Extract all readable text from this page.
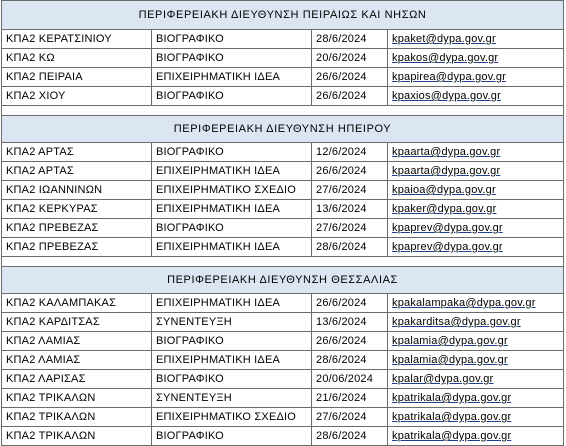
ΠΕΡΙΦΕΡΕΙΑΚΗ ΔΙΕΥΘΥΝΣΗ ΠΕΙΡΑΙΩΣ ΚΑΙ ΝΗΣΩΝ			
ΚΠΑ2 ΚΕΡΑΤΣΙΝΙΟΥ	ΒΙΟΓΡΑΦΙΚΟ	28/6/2024	kpaket@dypa.gov.gr
ΚΠΑ2 ΚΩ	ΒΙΟΓΡΑΦΙΚΟ	20/6/2024	kpakos@dypa.gov.gr
ΚΠΑ2 ΠΕΙΡΑΙΑ	ΕΠΙΧΕΙΡΗΜΑΤΙΚΗ ΙΔΕΑ	26/6/2024	kpapirea@dypa.gov.gr
ΚΠΑ2 ΧΙΟΥ	ΒΙΟΓΡΑΦΙΚΟ	26/6/2024	kpaxios@dypa.gov.gr

ΠΕΡΙΦΕΡΕΙΑΚΗ ΔΙΕΥΘΥΝΣΗ ΗΠΕΙΡΟΥ			
ΚΠΑ2 ΑΡΤΑΣ	ΒΙΟΓΡΑΦΙΚΟ	12/6/2024	kpaarta@dypa.gov.gr
ΚΠΑ2 ΑΡΤΑΣ	ΕΠΙΧΕΙΡΗΜΑΤΙΚΗ ΙΔΕΑ	26/6/2024	kpaarta@dypa.gov.gr
ΚΠΑ2 ΙΩΑΝΝΙΝΩΝ	ΕΠΙΧΕΙΡΗΜΑΤΙΚΟ ΣΧΕΔΙΟ	27/6/2024	kpaioa@dypa.gov.gr
ΚΠΑ2 ΚΕΡΚΥΡΑΣ	ΕΠΙΧΕΙΡΗΜΑΤΙΚΗ ΙΔΕΑ	13/6/2024	kpaker@dypa.gov.gr
ΚΠΑ2 ΠΡΕΒΕΖΑΣ	ΒΙΟΓΡΑΦΙΚΟ	27/6/2024	kpaprev@dypa.gov.gr
ΚΠΑ2 ΠΡΕΒΕΖΑΣ	ΕΠΙΧΕΙΡΗΜΑΤΙΚΗ ΙΔΕΑ	28/6/2024	kpaprev@dypa.gov.gr

ΠΕΡΙΦΕΡΕΙΑΚΗ ΔΙΕΥΘΥΝΣΗ ΘΕΣΣΑΛΙΑΣ			
ΚΠΑ2 ΚΑΛΑΜΠΑΚΑΣ	ΕΠΙΧΕΙΡΗΜΑΤΙΚΗ ΙΔΕΑ	26/6/2024	kpakalampaka@dypa.gov.gr
ΚΠΑ2 ΚΑΡΔΙΤΣΑΣ	ΣΥΝΕΝΤΕΥΞΗ	13/6/2024	kpakarditsa@dypa.gov.gr
ΚΠΑ2 ΛΑΜΙΑΣ	ΒΙΟΓΡΑΦΙΚΟ	26/6/2024	kpalamia@dypa.gov.gr
ΚΠΑ2 ΛΑΜΙΑΣ	ΕΠΙΧΕΙΡΗΜΑΤΙΚΗ ΙΔΕΑ	28/6/2024	kpalamia@dypa.gov.gr
ΚΠΑ2 ΛΑΡΙΣΑΣ	ΒΙΟΓΡΑΦΙΚΟ	20/06/2024	kpalar@dypa.gov.gr
ΚΠΑ2 ΤΡΙΚΑΛΩΝ	ΣΥΝΕΝΤΕΥΞΗ	21/6/2024	kpatrikala@dypa.gov.gr
ΚΠΑ2 ΤΡΙΚΑΛΩΝ	ΕΠΙΧΕΙΡΗΜΑΤΙΚΟ ΣΧΕΔΙΟ	27/6/2024	kpatrikala@dypa.gov.gr
ΚΠΑ2 ΤΡΙΚΑΛΩΝ	ΒΙΟΓΡΑΦΙΚΟ	28/6/2024	kpatrikala@dypa.gov.gr
